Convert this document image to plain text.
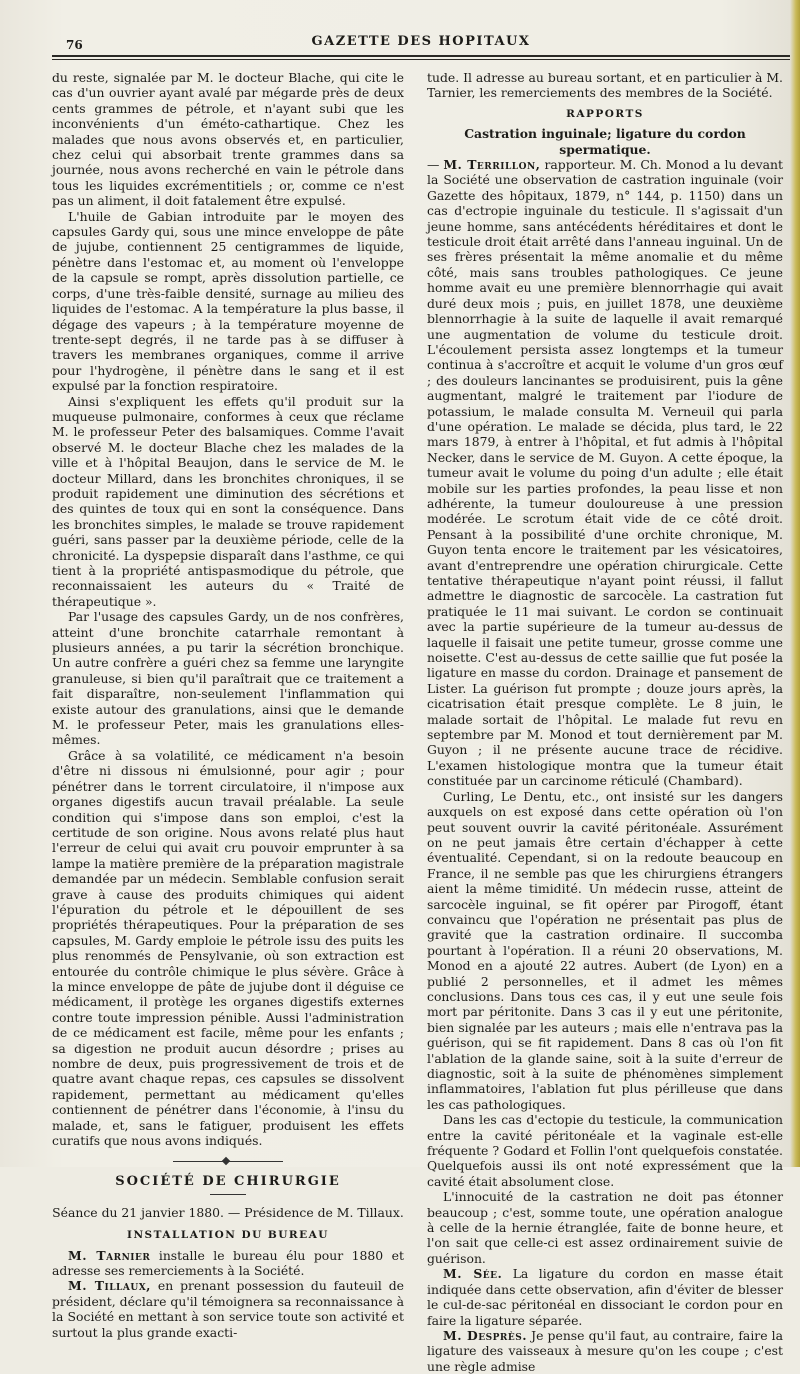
76	GAZETTE DES HOPITAUX

du reste, signalée par M. le docteur Blache, qui cite le cas d'un ouvrier ayant avalé par mégarde près de deux cents grammes de pétrole, et n'ayant subi que les inconvénients d'un éméto-cathartique. Chez les malades que nous avons observés et, en particulier, chez celui qui absorbait trente grammes dans sa journée, nous avons recherché en vain le pétrole dans tous les liquides excrémentitiels ; or, comme ce n'est pas un aliment, il doit fatalement être expulsé.

L'huile de Gabian introduite par le moyen des capsules Gardy qui, sous une mince enveloppe de pâte de jujube, contiennent 25 centigrammes de liquide, pénètre dans l'estomac et, au moment où l'enveloppe de la capsule se rompt, après dissolution partielle, ce corps, d'une très-faible densité, surnage au milieu des liquides de l'estomac. A la température la plus basse, il dégage des vapeurs ; à la température moyenne de trente-sept degrés, il ne tarde pas à se diffuser à travers les membranes organiques, comme il arrive pour l'hydrogène, il pénètre dans le sang et il est expulsé par la fonction respiratoire.

Ainsi s'expliquent les effets qu'il produit sur la muqueuse pulmonaire, conformes à ceux que réclame M. le professeur Peter des balsamiques. Comme l'avait observé M. le docteur Blache chez les malades de la ville et à l'hôpital Beaujon, dans le service de M. le docteur Millard, dans les bronchites chroniques, il se produit rapidement une diminution des sécrétions et des quintes de toux qui en sont la conséquence. Dans les bronchites simples, le malade se trouve rapidement guéri, sans passer par la deuxième période, celle de la chronicité. La dyspepsie disparaît dans l'asthme, ce qui tient à la propriété antispasmodique du pétrole, que reconnaissaient les auteurs du « Traité de thérapeutique ».

Par l'usage des capsules Gardy, un de nos confrères, atteint d'une bronchite catarrhale remontant à plusieurs années, a pu tarir la sécrétion bronchique. Un autre confrère a guéri chez sa femme une laryngite granuleuse, si bien qu'il paraîtrait que ce traitement a fait disparaître, non-seulement l'inflammation qui existe autour des granulations, ainsi que le demande M. le professeur Peter, mais les granulations elles-mêmes.

Grâce à sa volatilité, ce médicament n'a besoin d'être ni dissous ni émulsionné, pour agir ; pour pénétrer dans le torrent circulatoire, il n'impose aux organes digestifs aucun travail préalable. La seule condition qui s'impose dans son emploi, c'est la certitude de son origine. Nous avons relaté plus haut l'erreur de celui qui avait cru pouvoir emprunter à sa lampe la matière première de la préparation magistrale demandée par un médecin. Semblable confusion serait grave à cause des produits chimiques qui aident l'épuration du pétrole et le dépouillent de ses propriétés thérapeutiques. Pour la préparation de ses capsules, M. Gardy emploie le pétrole issu des puits les plus renommés de Pensylvanie, où son extraction est entourée du contrôle chimique le plus sévère. Grâce à la mince enveloppe de pâte de jujube dont il déguise ce médicament, il protège les organes digestifs externes contre toute impression pénible. Aussi l'administration de ce médicament est facile, même pour les enfants ; sa digestion ne produit aucun désordre ; prises au nombre de deux, puis progressivement de trois et de quatre avant chaque repas, ces capsules se dissolvent rapidement, permettant au médicament qu'elles contiennent de pénétrer dans l'économie, à l'insu du malade, et, sans le fatiguer, produisent les effets curatifs que nous avons indiqués.

SOCIÉTÉ DE CHIRURGIE
Séance du 21 janvier 1880. — Présidence de M. Tillaux.
INSTALLATION DU BUREAU

M. Tarnier installe le bureau élu pour 1880 et adresse ses remerciements à la Société.

M. Tillaux, en prenant possession du fauteuil de président, déclare qu'il témoignera sa reconnaissance à la Société en mettant à son service toute son activité et surtout la plus grande exacti-

tude. Il adresse au bureau sortant, et en particulier à M. Tarnier, les remerciements des membres de la Société.

RAPPORTS

Castration inguinale; ligature du cordon spermatique.

— M. Terrillon, rapporteur. M. Ch. Monod a lu devant la Société une observation de castration inguinale (voir Gazette des hôpitaux, 1879, n° 144, p. 1150) dans un cas d'ectropie inguinale du testicule. Il s'agissait d'un jeune homme, sans antécédents héréditaires et dont le testicule droit était arrêté dans l'anneau inguinal. Un de ses frères présentait la même anomalie et du même côté, mais sans troubles pathologiques. Ce jeune homme avait eu une première blennorrhagie qui avait duré deux mois ; puis, en juillet 1878, une deuxième blennorrhagie à la suite de laquelle il avait remarqué une augmentation de volume du testicule droit. L'écoulement persista assez longtemps et la tumeur continua à s'accroître et acquit le volume d'un gros œuf ; des douleurs lancinantes se produisirent, puis la gêne augmentant, malgré le traitement par l'iodure de potassium, le malade consulta M. Verneuil qui parla d'une opération. Le malade se décida, plus tard, le 22 mars 1879, à entrer à l'hôpital, et fut admis à l'hôpital Necker, dans le service de M. Guyon. A cette époque, la tumeur avait le volume du poing d'un adulte ; elle était mobile sur les parties profondes, la peau lisse et non adhérente, la tumeur douloureuse à une pression modérée. Le scrotum était vide de ce côté droit. Pensant à la possibilité d'une orchite chronique, M. Guyon tenta encore le traitement par les vésicatoires, avant d'entreprendre une opération chirurgicale. Cette tentative thérapeutique n'ayant point réussi, il fallut admettre le diagnostic de sarcocèle. La castration fut pratiquée le 11 mai suivant. Le cordon se continuait avec la partie supérieure de la tumeur au-dessus de laquelle il faisait une petite tumeur, grosse comme une noisette. C'est au-dessus de cette saillie que fut posée la ligature en masse du cordon. Drainage et pansement de Lister. La guérison fut prompte ; douze jours après, la cicatrisation était presque complète. Le 8 juin, le malade sortait de l'hôpital. Le malade fut revu en septembre par M. Monod et tout dernièrement par M. Guyon ; il ne présente aucune trace de récidive. L'examen histologique montra que la tumeur était constituée par un carcinome réticulé (Chambard).

Curling, Le Dentu, etc., ont insisté sur les dangers auxquels on est exposé dans cette opération où l'on peut souvent ouvrir la cavité péritonéale. Assurément on ne peut jamais être certain d'échapper à cette éventualité. Cependant, si on la redoute beaucoup en France, il ne semble pas que les chirurgiens étrangers aient la même timidité. Un médecin russe, atteint de sarcocèle inguinal, se fit opérer par Pirogoff, étant convaincu que l'opération ne présentait pas plus de gravité que la castration ordinaire. Il succomba pourtant à l'opération. Il a réuni 20 observations, M. Monod en a ajouté 22 autres. Aubert (de Lyon) en a publié 2 personnelles, et il admet les mêmes conclusions. Dans tous ces cas, il y eut une seule fois mort par péritonite. Dans 3 cas il y eut une péritonite, bien signalée par les auteurs ; mais elle n'entrava pas la guérison, qui se fit rapidement. Dans 8 cas où l'on fit l'ablation de la glande saine, soit à la suite d'erreur de diagnostic, soit à la suite de phénomènes simplement inflammatoires, l'ablation fut plus périlleuse que dans les cas pathologiques.

Dans les cas d'ectopie du testicule, la communication entre la cavité péritonéale et la vaginale est-elle fréquente ? Godard et Follin l'ont quelquefois constatée. Quelquefois aussi ils ont noté expressément que la cavité était absolument close.

L'innocuité de la castration ne doit pas étonner beaucoup ; c'est, somme toute, une opération analogue à celle de la hernie étranglée, faite de bonne heure, et l'on sait que celle-ci est assez ordinairement suivie de guérison.

M. Sée. La ligature du cordon en masse était indiquée dans cette observation, afin d'éviter de blesser le cul-de-sac péritonéal en dissociant le cordon pour en faire la ligature séparée.

M. Desprès. Je pense qu'il faut, au contraire, faire la ligature des vaisseaux à mesure qu'on les coupe ; c'est une règle admise
